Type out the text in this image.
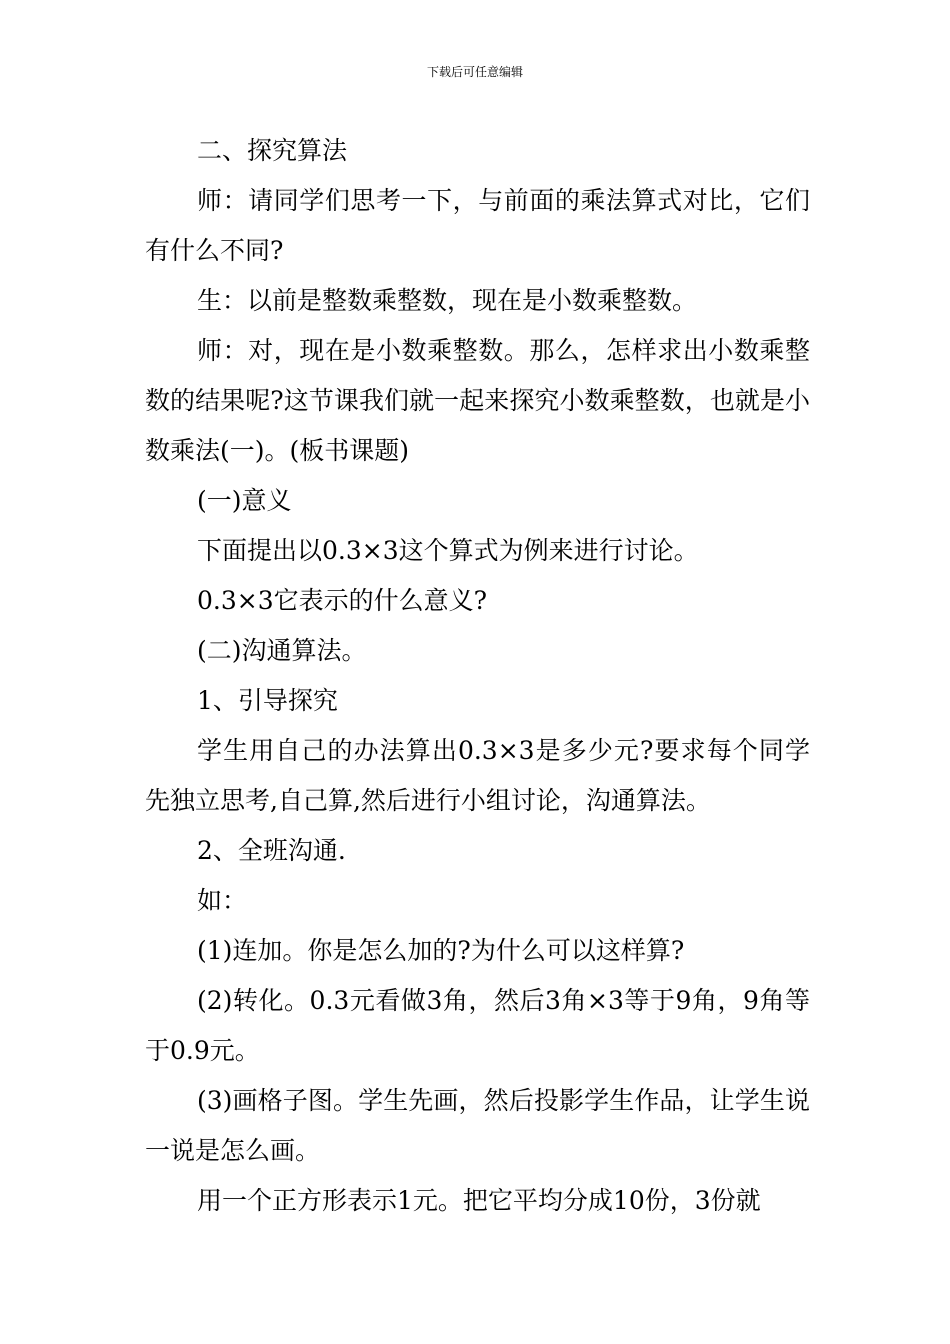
下载后可任意编辑

二、探究算法

师：请同学们思考一下，与前面的乘法算式对比，它们有什么不同?

生：以前是整数乘整数，现在是小数乘整数。

师：对，现在是小数乘整数。那么，怎样求出小数乘整数的结果呢?这节课我们就一起来探究小数乘整数，也就是小数乘法(一)。(板书课题)

(一)意义

下面提出以0.3×3这个算式为例来进行讨论。

0.3×3它表示的什么意义?

(二)沟通算法。

1、引导探究

学生用自己的办法算出0.3×3是多少元?要求每个同学先独立思考,自己算,然后进行小组讨论，沟通算法。

2、全班沟通.

如：

(1)连加。你是怎么加的?为什么可以这样算?

(2)转化。0.3元看做3角，然后3角×3等于9角，9角等于0.9元。

(3)画格子图。学生先画，然后投影学生作品，让学生说一说是怎么画。

用一个正方形表示1元。把它平均分成10份，3份就
